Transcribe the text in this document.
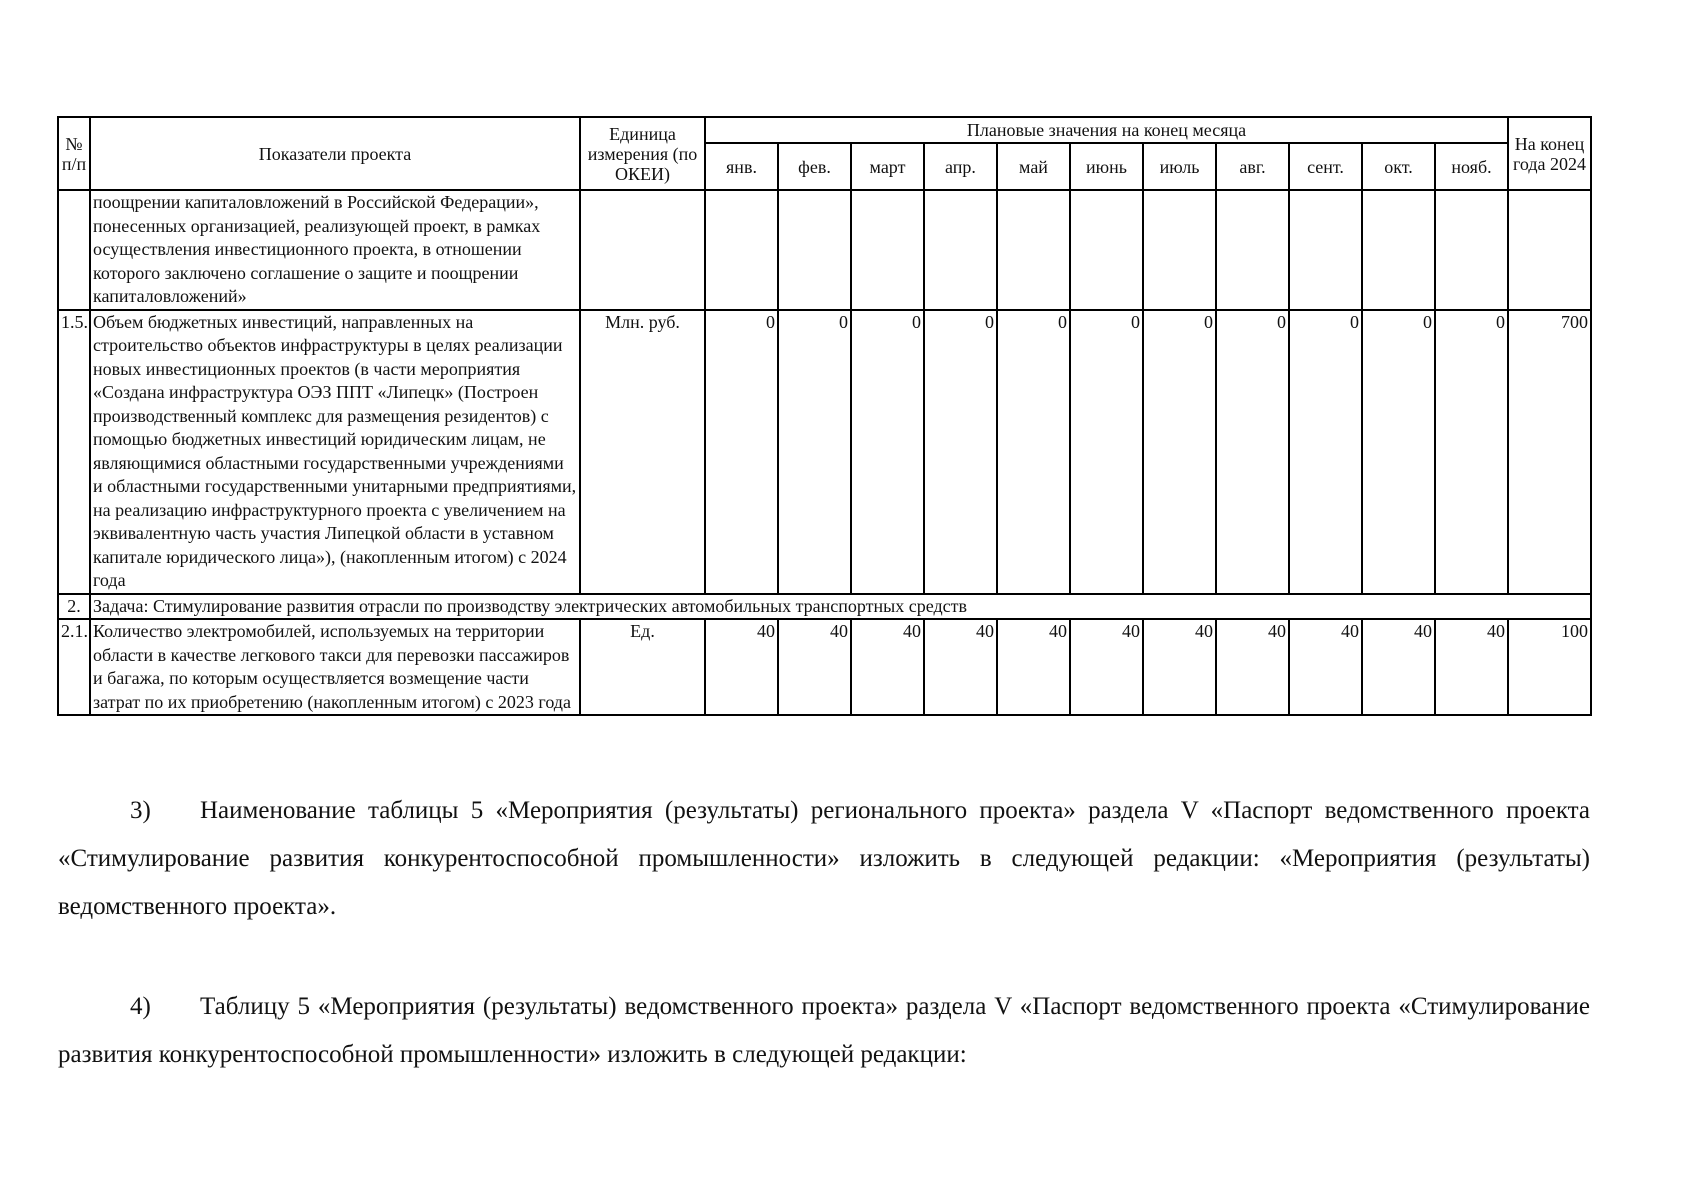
№ п/п	Показатели проекта	Единица измерения (по ОКЕИ)	Плановые значения на конец месяца											На конец года 2024
			янв.	фев.	март	апр.	май	июнь	июль	авг.	сент.	окт.	нояб.	
	поощрении капиталовложений в Российской Федерации», понесенных организацией, реализующей проект, в рамках осуществления инвестиционного проекта, в отношении которого заключено соглашение о защите и поощрении капиталовложений»													
1.5.	Объем бюджетных инвестиций, направленных на строительство объектов инфраструктуры в целях реализации новых инвестиционных проектов (в части мероприятия «Создана инфраструктура ОЭЗ ППТ «Липецк» (Построен производственный комплекс для размещения резидентов) с помощью бюджетных инвестиций юридическим лицам, не являющимися областными государственными учреждениями и областными государственными унитарными предприятиями, на реализацию инфраструктурного проекта с увеличением на эквивалентную часть участия Липецкой области в уставном капитале юридического лица»), (накопленным итогом) с 2024 года	Млн. руб.	0	0	0	0	0	0	0	0	0	0	0	700
2.	Задача: Стимулирование развития отрасли по производству электрических автомобильных транспортных средств													
2.1.	Количество электромобилей, используемых на территории области в качестве легкового такси для перевозки пассажиров и багажа, по которым осуществляется возмещение части затрат по их приобретению (накопленным итогом) с 2023 года	Ед.	40	40	40	40	40	40	40	40	40	40	40	100

3) Наименование таблицы 5 «Мероприятия (результаты) регионального проекта» раздела V «Паспорт ведомственного проекта «Стимулирование развития конкурентоспособной промышленности» изложить в следующей редакции: «Мероприятия (результаты) ведомственного проекта».

4) Таблицу 5 «Мероприятия (результаты) ведомственного проекта» раздела V «Паспорт ведомственного проекта «Стимулирование развития конкурентоспособной промышленности» изложить в следующей редакции:
